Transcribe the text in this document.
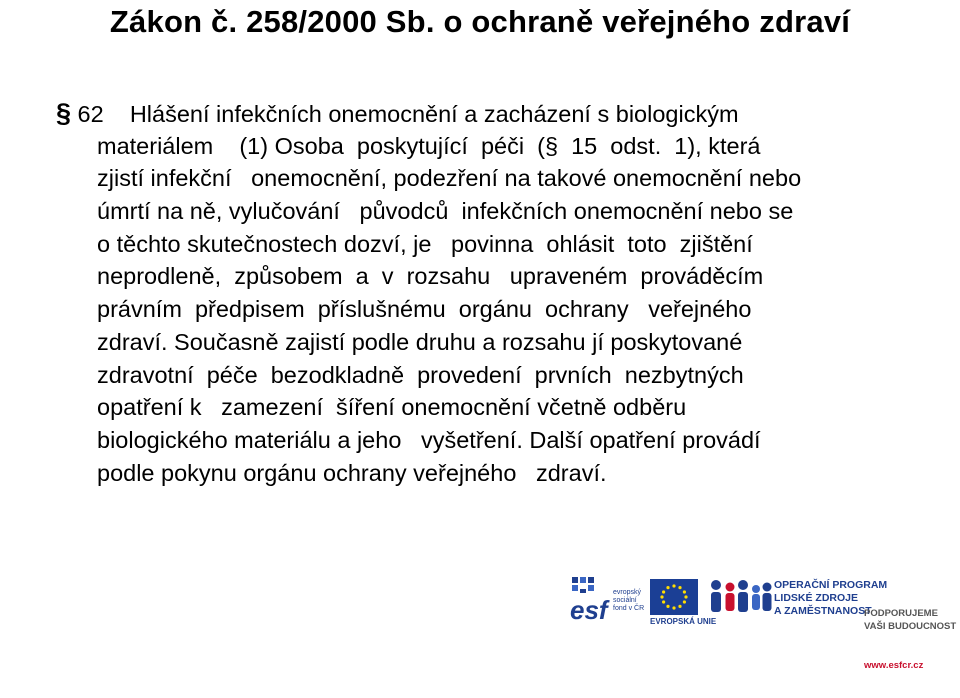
Zákon č. 258/2000 Sb. o ochraně veřejného zdraví
§ 62    Hlášení infekčních onemocnění a zacházení s biologickým
materiálem    (1) Osoba  poskytující  péči  (§  15  odst.  1), která
zjistí infekční   onemocnění, podezření na takové onemocnění nebo
úmrtí na ně, vylučování   původců  infekčních onemocnění nebo se
o těchto skutečnostech dozví, je   povinna  ohlásit  toto  zjištění
neprodleně,  způsobem  a  v  rozsahu   upraveném  prováděcím
právním  předpisem  příslušnému  orgánu  ochrany   veřejného
zdraví. Současně zajistí podle druhu a rozsahu jí poskytované
zdravotní  péče  bezodkladně  provedení  prvních  nezbytných
opatření k   zamezení  šíření onemocnění včetně odběru
biologického materiálu a jeho   vyšetření. Další opatření provádí
podle pokynu orgánu ochrany veřejného   zdraví.
esf
evropský
sociální
fond v ČR
EVROPSKÁ UNIE
OPERAČNÍ PROGRAM
LIDSKÉ ZDROJE
A ZAMĚSTNANOST

PODPORUJEME
VAŠI BUDOUCNOST

www.esfcr.cz
